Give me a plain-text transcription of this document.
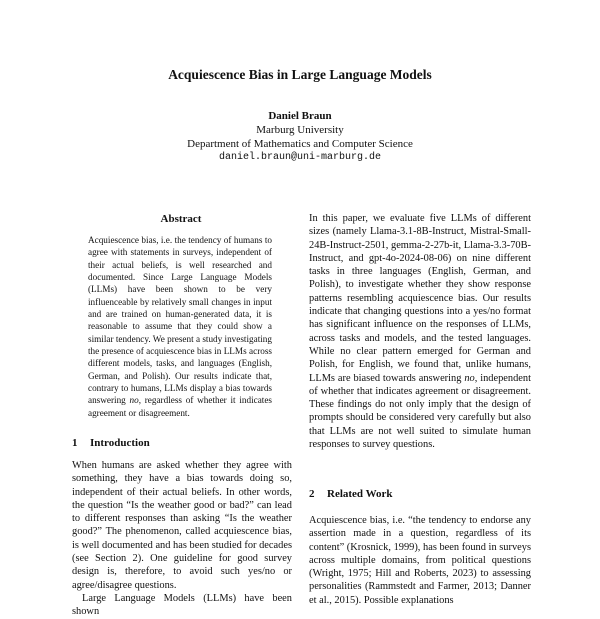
Acquiescence Bias in Large Language Models
Daniel Braun
Marburg University
Department of Mathematics and Computer Science
daniel.braun@uni-marburg.de
Abstract
Acquiescence bias, i.e. the tendency of humans to agree with statements in surveys, independent of their actual beliefs, is well researched and documented. Since Large Language Models (LLMs) have been shown to be very influenceable by relatively small changes in input and are trained on human-generated data, it is reasonable to assume that they could show a similar tendency. We present a study investigating the presence of acquiescence bias in LLMs across different models, tasks, and languages (English, German, and Polish). Our results indicate that, contrary to humans, LLMs display a bias towards answering no, regardless of whether it indicates agreement or disagreement.
1 Introduction

When humans are asked whether they agree with something, they have a bias towards doing so, independent of their actual beliefs. In other words, the question “Is the weather good or bad?” can lead to different responses than asking “Is the weather good?” The phenomenon, called acquiescence bias, is well documented and has been studied for decades (see Section 2). One guideline for good survey design is, therefore, to avoid such yes/no or agree/disagree questions.

Large Language Models (LLMs) have been shown

In this paper, we evaluate five LLMs of different sizes (namely Llama-3.1-8B-Instruct, Mistral-Small-24B-Instruct-2501, gemma-2-27b-it, Llama-3.3-70B-Instruct, and gpt-4o-2024-08-06) on nine different tasks in three languages (English, German, and Polish), to investigate whether they show response patterns resembling acquiescence bias. Our results indicate that changing questions into a yes/no format has significant influence on the responses of LLMs, across tasks and models, and the tested languages. While no clear pattern emerged for German and Polish, for English, we found that, unlike humans, LLMs are biased towards answering no, independent of whether that indicates agreement or disagreement. These findings do not only imply that the design of prompts should be considered very carefully but also that LLMs are not well suited to simulate human responses to survey questions.
2 Related Work

Acquiescence bias, i.e. “the tendency to endorse any assertion made in a question, regardless of its content” (Krosnick, 1999), has been found in surveys across multiple domains, from political questions (Wright, 1975; Hill and Roberts, 2023) to assessing personalities (Rammstedt and Farmer, 2013; Danner et al., 2015). Possible explanations
